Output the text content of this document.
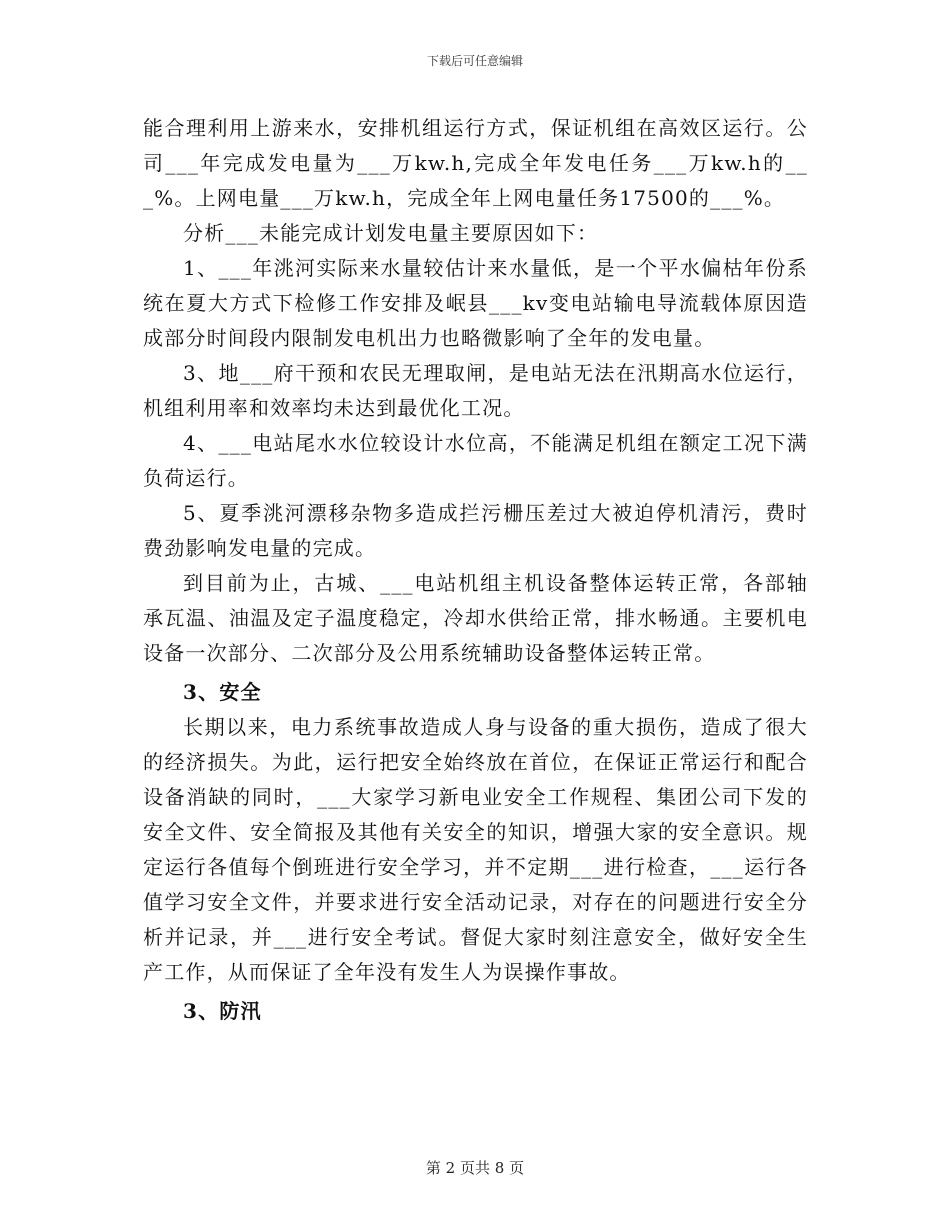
下载后可任意编辑

能合理利用上游来水，安排机组运行方式，保证机组在高效区运行。公司___年完成发电量为___万kw.h,完成全年发电任务___万kw.h的___%。上网电量___万kw.h，完成全年上网电量任务17500的___%。

分析___未能完成计划发电量主要原因如下：

1、___年洮河实际来水量较估计来水量低，是一个平水偏枯年份系统在夏大方式下检修工作安排及岷县___kv变电站输电导流载体原因造成部分时间段内限制发电机出力也略微影响了全年的发电量。

3、地___府干预和农民无理取闸，是电站无法在汛期高水位运行，机组利用率和效率均未达到最优化工况。

4、___电站尾水水位较设计水位高，不能满足机组在额定工况下满负荷运行。

5、夏季洮河漂移杂物多造成拦污栅压差过大被迫停机清污，费时费劲影响发电量的完成。

到目前为止，古城、___电站机组主机设备整体运转正常，各部轴承瓦温、油温及定子温度稳定，冷却水供给正常，排水畅通。主要机电设备一次部分、二次部分及公用系统辅助设备整体运转正常。

3、安全

长期以来，电力系统事故造成人身与设备的重大损伤，造成了很大的经济损失。为此，运行把安全始终放在首位，在保证正常运行和配合设备消缺的同时，___大家学习新电业安全工作规程、集团公司下发的安全文件、安全简报及其他有关安全的知识，增强大家的安全意识。规定运行各值每个倒班进行安全学习，并不定期___进行检查，___运行各值学习安全文件，并要求进行安全活动记录，对存在的问题进行安全分析并记录，并___进行安全考试。督促大家时刻注意安全，做好安全生产工作，从而保证了全年没有发生人为误操作事故。

3、防汛
第 2 页共 8 页
